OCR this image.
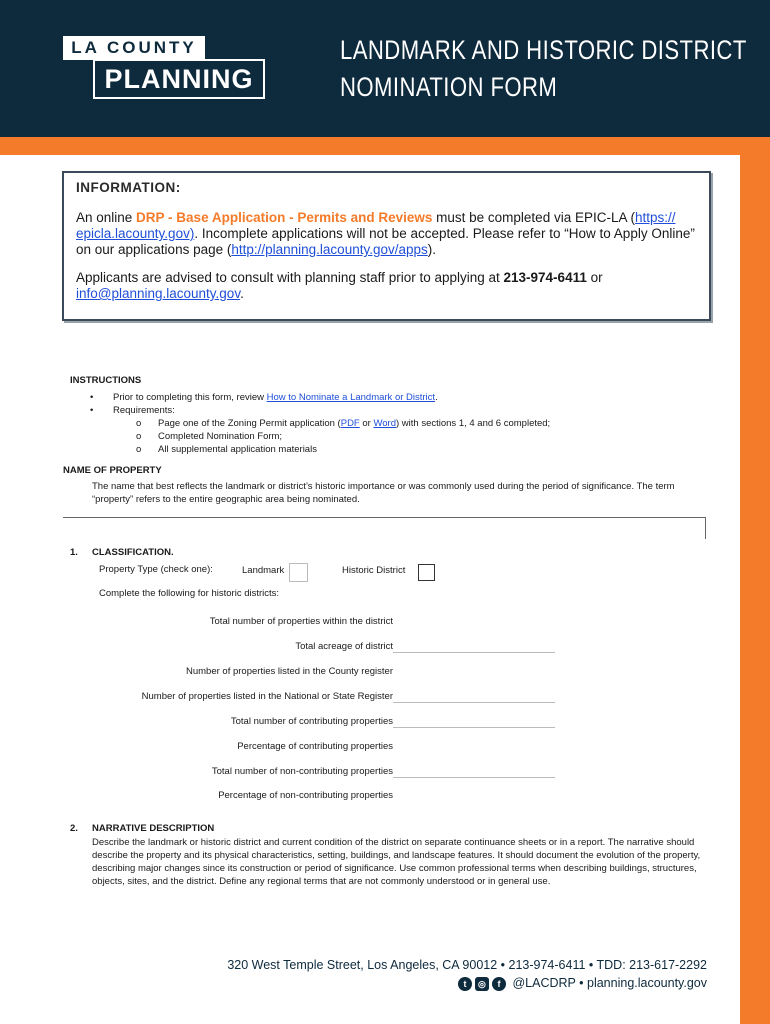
LA COUNTY
PLANNING
LANDMARK AND HISTORIC DISTRICT
NOMINATION FORM
INFORMATION:
An online DRP - Base Application - Permits and Reviews must be completed via EPIC-LA (https:// epicla.lacounty.gov). Incomplete applications will not be accepted. Please refer to “How to Apply Online” on our applications page (http://planning.lacounty.gov/apps).
Applicants are advised to consult with planning staff prior to applying at 213-974-6411 or info@planning.lacounty.gov.
INSTRUCTIONS
• Prior to completing this form, review How to Nominate a Landmark or District.
• Requirements:
o Page one of the Zoning Permit application (PDF or Word) with sections 1, 4 and 6 completed;
o Completed Nomination Form;
o All supplemental application materials
NAME OF PROPERTY
The name that best reflects the landmark or district’s historic importance or was commonly used during the period of significance. The term “property” refers to the entire geographic area being nominated.
1. CLASSIFICATION.
Property Type (check one):	Landmark	Historic District
Complete the following for historic districts:
Total number of properties within the district
Total acreage of district
Number of properties listed in the County register
Number of properties listed in the National or State Register
Total number of contributing properties
Percentage of contributing properties
Total number of non-contributing properties
Percentage of non-contributing properties
2. NARRATIVE DESCRIPTION
Describe the landmark or historic district and current condition of the district on separate continuance sheets or in a report. The narrative should describe the property and its physical characteristics, setting, buildings, and landscape features. It should document the evolution of the property, describing major changes since its construction or period of significance. Use common professional terms when describing buildings, structures, objects, sites, and the district. Define any regional terms that are not commonly understood or in general use.
320 West Temple Street, Los Angeles, CA 90012 • 213-974-6411 • TDD: 213-617-2292
t ◎ f @LACDRP • planning.lacounty.gov
